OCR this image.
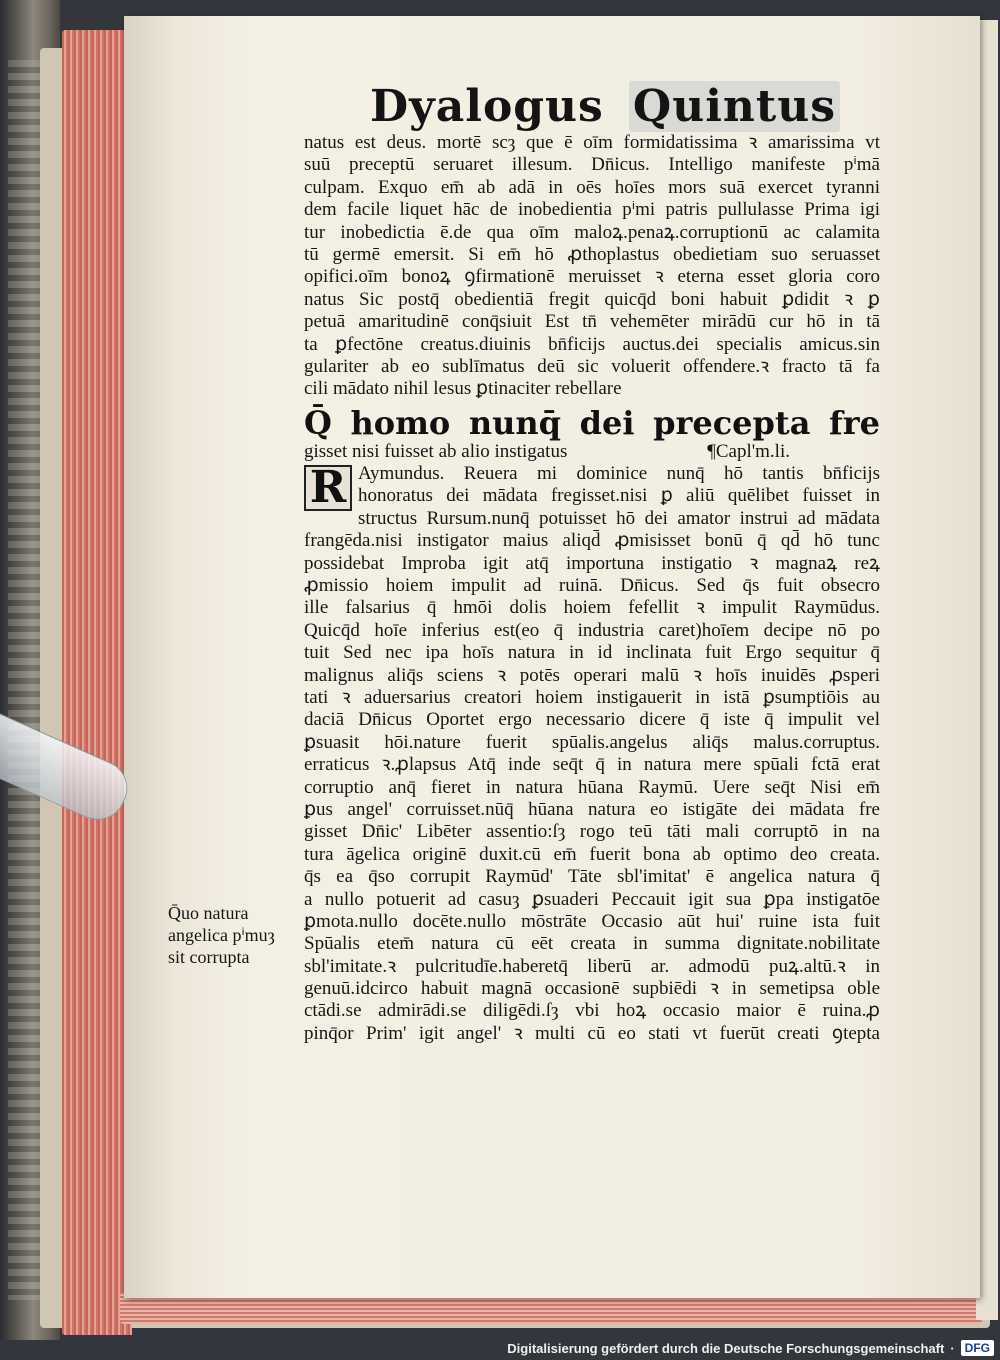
Dyalogus Quintus
natus est deus. mortē scȝ que ē oīm formidatissima ꝛ amarissima vt
suū preceptū seruaret illesum. Dn̄icus. Intelligo manifeste pⁱmā
culpam. Exquo em̄ ab adā in oēs hoīes mors suā exercet tyranni
dem facile liquet hāc de inobedientia pⁱmi patris pullulasse Prima igi
tur inobedictia ē.de qua oīm maloꝝ.penaꝝ.corruptionū ac calamita
tū germē emersit. Si em̄ hō ꝓthoplastus obedietiam suo seruasset
opifici.oīm bonoꝝ ꝯfirmationē meruisset ꝛ eterna esset gloria coro
natus Sic postq̄ obedientiā fregit quicq̄d boni habuit ꝑdidit ꝛ ꝑ
petuā amaritudinē conq̄siuit Est tn̄ vehemēter mirādū cur hō in tā
ta ꝑfectōne creatus.diuinis bn̄ficijs auctus.dei specialis amicus.sin
gulariter ab eo sublīmatus deū sic voluerit offendere.ꝛ fracto tā fa
cili mādato nihil lesus ꝑtinaciter rebellare
Q̄ homo nunq̄ dei precepta fre
gisset nisi fuisset ab alio instigatus	¶Capl'm.li.
R Aymundus. Reuera mi dominice nunq̄ hō tantis bn̄ficijs
honoratus dei mādata fregisset.nisi ꝑ aliū quēlibet fuisset in
structus Rursum.nunq̄ potuisset hō dei amator instrui ad mādata
frangēda.nisi instigator maius aliqd̄ ꝓmisisset bonū q̄ qd̄ hō tunc
possidebat Improba igit atq̄ importuna instigatio ꝛ magnaꝝ reꝝ
ꝓmissio hoiem impulit ad ruinā. Dn̄icus. Sed q̄s fuit obsecro
ille falsarius q̄ hmōi dolis hoiem fefellit ꝛ impulit Raymūdus.
Quicq̄d hoīe inferius est(eo q̄ industria caret)hoīem decipe nō po
tuit Sed nec ipa hoīs natura in id inclinata fuit Ergo sequitur q̄
malignus aliq̄s sciens ꝛ potēs operari malū ꝛ hoīs inuidēs ꝓsperi
tati ꝛ aduersarius creatori hoiem instigauerit in istā ꝑsumptiōis au
daciā Dn̄icus Oportet ergo necessario dicere q̄ iste q̄ impulit vel
ꝑsuasit hōi.nature fuerit spūalis.angelus aliq̄s malus.corruptus.
erraticus ꝛ.ꝓlapsus Atq̄ inde seq̄t q̄ in natura mere spūali fctā erat
corruptio anq̄ fieret in natura hūana Raymū. Uere seq̄t Nisi em̄
ꝑus angel' corruisset.nūq̄ hūana natura eo istigāte dei mādata fre
gisset Dn̄ic' Libēter assentio:ſȝ rogo teū tāti mali corruptō in na
tura āgelica originē duxit.cū em̄ fuerit bona ab optimo deo creata.
q̄s ea q̄so corrupit Raymūd' Tāte sbl'imitat' ē angelica natura q̄
a nullo potuerit ad casuȝ ꝑsuaderi Peccauit igit sua ꝑpa instigatōe
ꝑmota.nullo docēte.nullo mōstrāte Occasio aūt hui' ruine ista fuit
Spūalis etem̄ natura cū eēt creata in summa dignitate.nobilitate
sbl'imitate.ꝛ pulcritudīe.haberetq̄ liberū ar. admodū puꝝ.altū.ꝛ in
genuū.idcirco habuit magnā occasionē supbiēdi ꝛ in semetipsa oble
ctādi.se admirādi.se diligēdi.ſȝ vbi hoꝝ occasio maior ē ruina.ꝓ
pinq̄or Prim' igit angel' ꝛ multi cū eo stati vt fuerūt creati ꝯtepta
Q̄uo natura
angelica pⁱmuȝ
sit corrupta
Digitalisierung gefördert durch die Deutsche Forschungsgemeinschaft · DFG
